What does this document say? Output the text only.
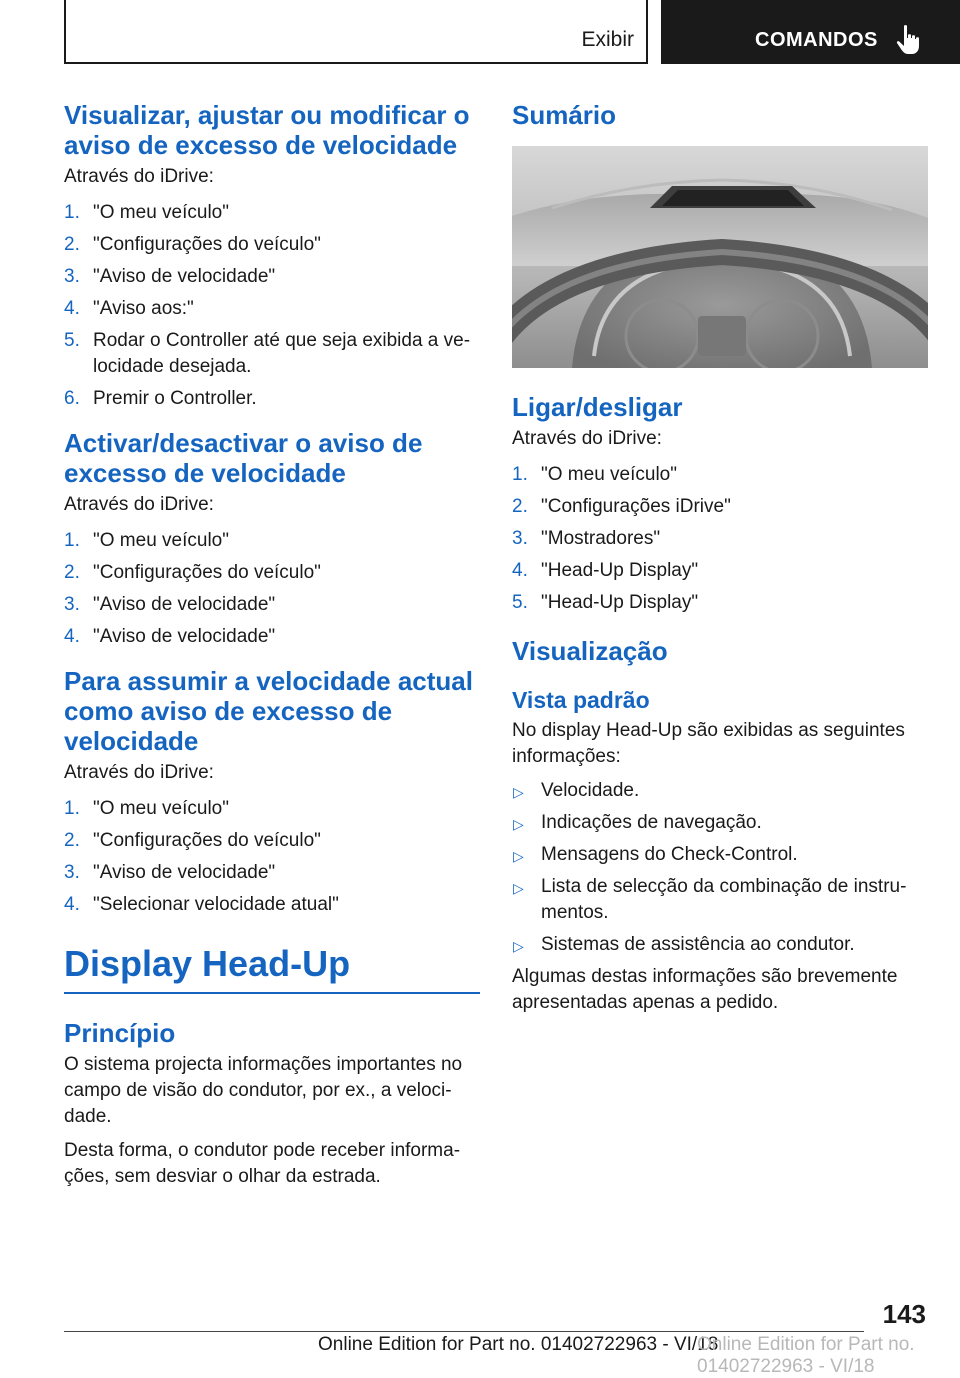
Exibir	COMANDOS
Visualizar, ajustar ou modificar o aviso de excesso de velocidade

Através do iDrive:

1. "O meu veículo"
2. "Configurações do veículo"
3. "Aviso de velocidade"
4. "Aviso aos:"
5. Rodar o Controller até que seja exibida a ve-locidade desejada.
6. Premir o Controller.
Activar/desactivar o aviso de excesso de velocidade

Através do iDrive:

1. "O meu veículo"
2. "Configurações do veículo"
3. "Aviso de velocidade"
4. "Aviso de velocidade"
Para assumir a velocidade actual como aviso de excesso de velocidade

Através do iDrive:

1. "O meu veículo"
2. "Configurações do veículo"
3. "Aviso de velocidade"
4. "Selecionar velocidade atual"
Display Head-Up
Princípio

O sistema projecta informações importantes no campo de visão do condutor, por ex., a veloci-dade.

Desta forma, o condutor pode receber informa-ções, sem desviar o olhar da estrada.

Sumário
Ligar/desligar

Através do iDrive:

1. "O meu veículo"
2. "Configurações iDrive"
3. "Mostradores"
4. "Head-Up Display"
5. "Head-Up Display"
Visualização
Vista padrão

No display Head-Up são exibidas as seguintes informações:

▷ Velocidade.
▷ Indicações de navegação.
▷ Mensagens do Check-Control.
▷ Lista de selecção da combinação de instru-mentos.
▷ Sistemas de assistência ao condutor.

Algumas destas informações são brevemente apresentadas apenas a pedido.

143
Online Edition for Part no. 01402722963 - VI/18
Online Edition for Part no. 01402722963 - VI/18
